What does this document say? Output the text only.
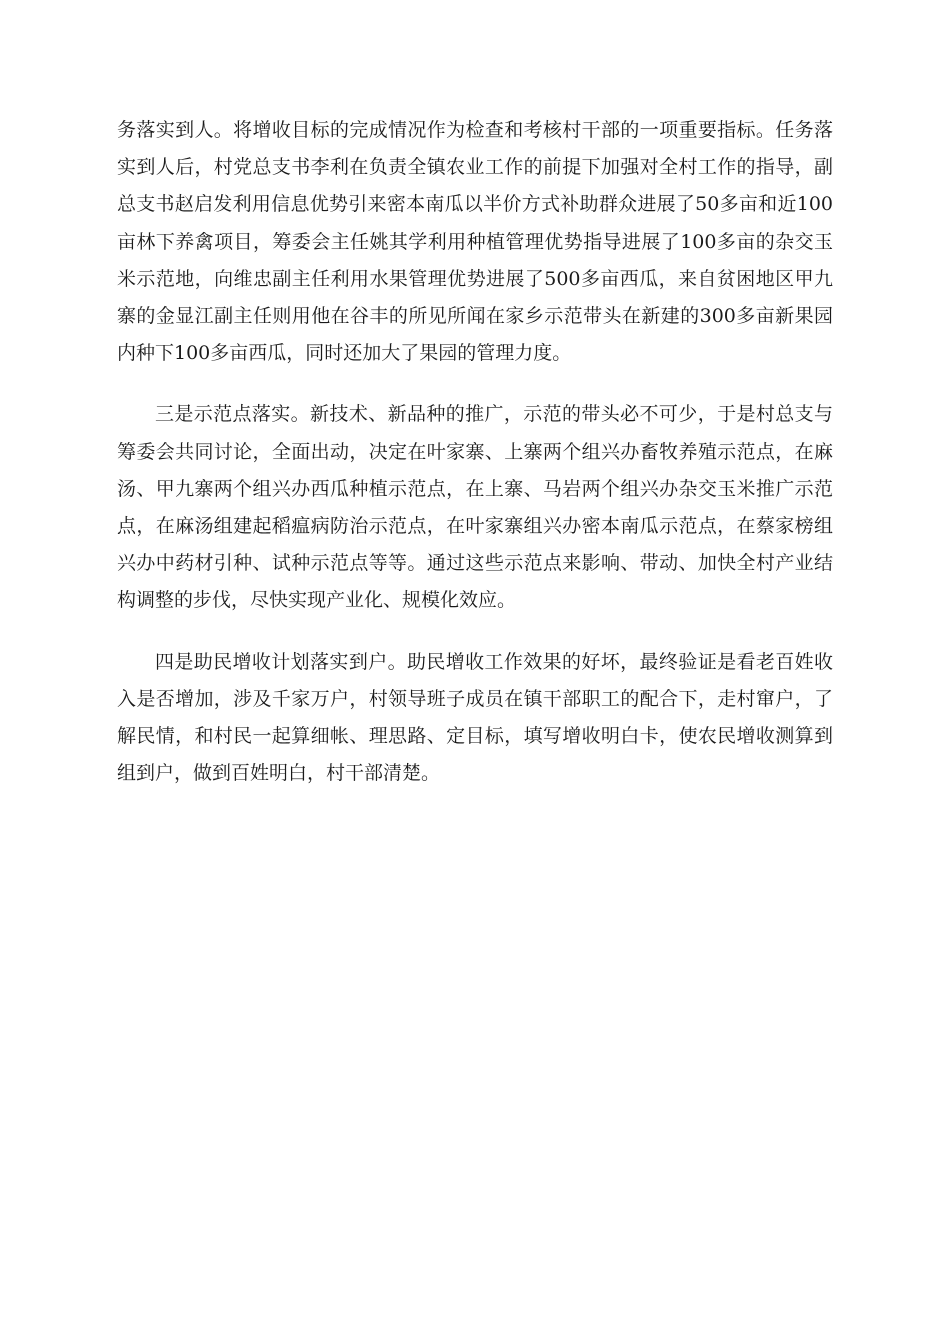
务落实到人。将增收目标的完成情况作为检查和考核村干部的一项重要指标。任务落实到人后，村党总支书李利在负责全镇农业工作的前提下加强对全村工作的指导，副总支书赵启发利用信息优势引来密本南瓜以半价方式补助群众进展了50多亩和近100亩林下养禽项目，筹委会主任姚其学利用种植管理优势指导进展了100多亩的杂交玉米示范地，向维忠副主任利用水果管理优势进展了500多亩西瓜，来自贫困地区甲九寨的金显江副主任则用他在谷丰的所见所闻在家乡示范带头在新建的300多亩新果园内种下100多亩西瓜，同时还加大了果园的管理力度。

三是示范点落实。新技术、新品种的推广，示范的带头必不可少，于是村总支与筹委会共同讨论，全面出动，决定在叶家寨、上寨两个组兴办畜牧养殖示范点，在麻汤、甲九寨两个组兴办西瓜种植示范点，在上寨、马岩两个组兴办杂交玉米推广示范点，在麻汤组建起稻瘟病防治示范点，在叶家寨组兴办密本南瓜示范点，在蔡家榜组兴办中药材引种、试种示范点等等。通过这些示范点来影响、带动、加快全村产业结构调整的步伐，尽快实现产业化、规模化效应。

四是助民增收计划落实到户。助民增收工作效果的好坏，最终验证是看老百姓收入是否增加，涉及千家万户，村领导班子成员在镇干部职工的配合下，走村窜户，了解民情，和村民一起算细帐、理思路、定目标，填写增收明白卡，使农民增收测算到组到户，做到百姓明白，村干部清楚。
